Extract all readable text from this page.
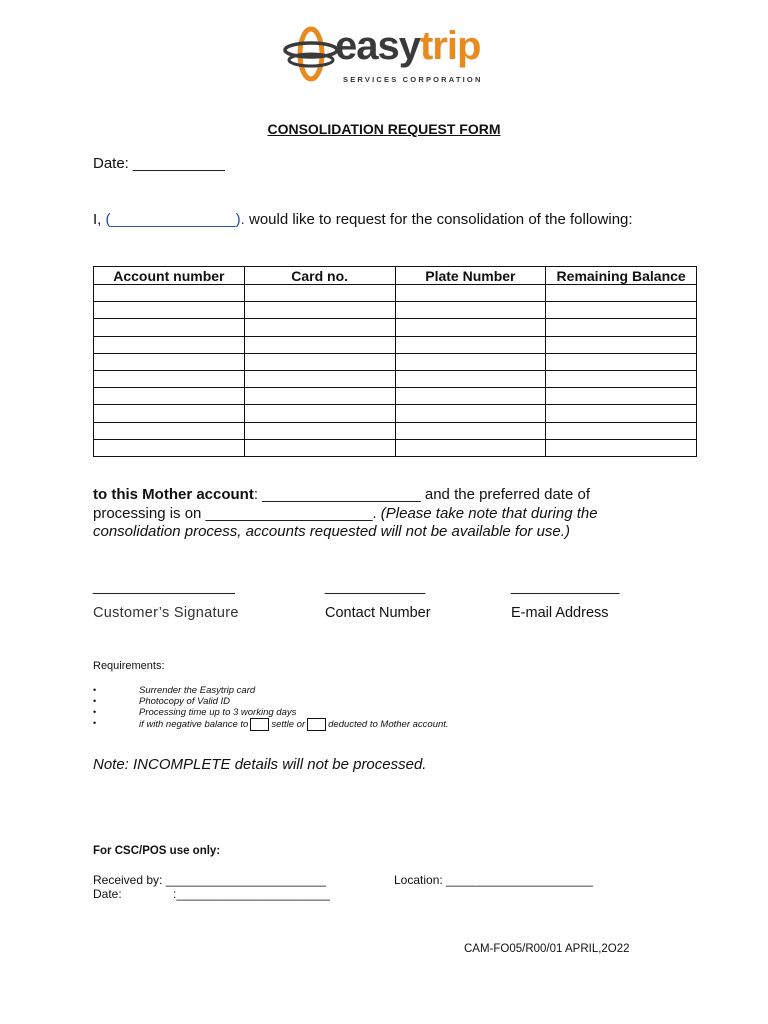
easytrip
SERVICES CORPORATION
CONSOLIDATION REQUEST FORM
Date: ___________
I, (_______________). would like to request for the consolidation of the following:
Account number	Card no.	Plate Number	Remaining Balance

to this Mother account: ___________________ and the preferred date of
processing is on ____________________. (Please take note that during the
consolidation process, accounts requested will not be available for use.)
_________________	____________	_____________
Customer’s Signature	Contact Number	E-mail Address
Requirements:
•	Surrender the Easytrip card
•	Photocopy of Valid ID
•	Processing time up to 3 working days
•	if with negative balance to settle or deducted to Mother account.
Note: INCOMPLETE details will not be processed.
For CSC/POS use only:
Received by: ________________________	Location: ______________________
Date:	:_______________________
CAM-FO05/R00/01 APRIL,2O22
